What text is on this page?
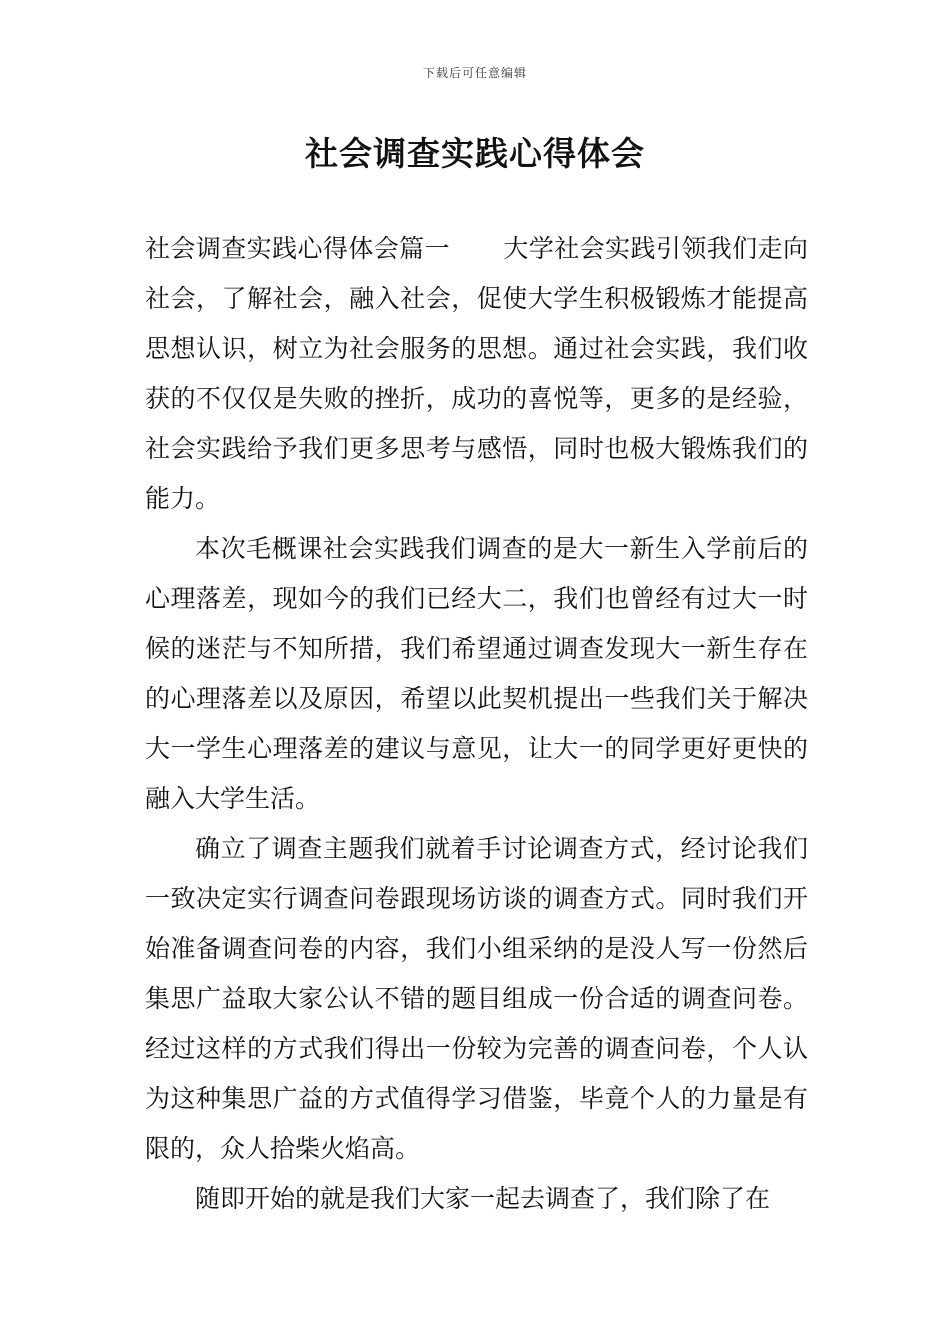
下载后可任意编辑
社会调查实践心得体会

社会调查实践心得体会篇一 大学社会实践引领我们走向社会，了解社会，融入社会，促使大学生积极锻炼才能提高思想认识，树立为社会服务的思想。通过社会实践，我们收获的不仅仅是失败的挫折，成功的喜悦等，更多的是经验，社会实践给予我们更多思考与感悟，同时也极大锻炼我们的能力。

本次毛概课社会实践我们调查的是大一新生入学前后的心理落差，现如今的我们已经大二，我们也曾经有过大一时候的迷茫与不知所措，我们希望通过调查发现大一新生存在的心理落差以及原因，希望以此契机提出一些我们关于解决大一学生心理落差的建议与意见，让大一的同学更好更快的融入大学生活。

确立了调查主题我们就着手讨论调查方式，经讨论我们一致决定实行调查问卷跟现场访谈的调查方式。同时我们开始准备调查问卷的内容，我们小组采纳的是没人写一份然后集思广益取大家公认不错的题目组成一份合适的调查问卷。经过这样的方式我们得出一份较为完善的调查问卷，个人认为这种集思广益的方式值得学习借鉴，毕竟个人的力量是有限的，众人拾柴火焰高。

随即开始的就是我们大家一起去调查了，我们除了在
